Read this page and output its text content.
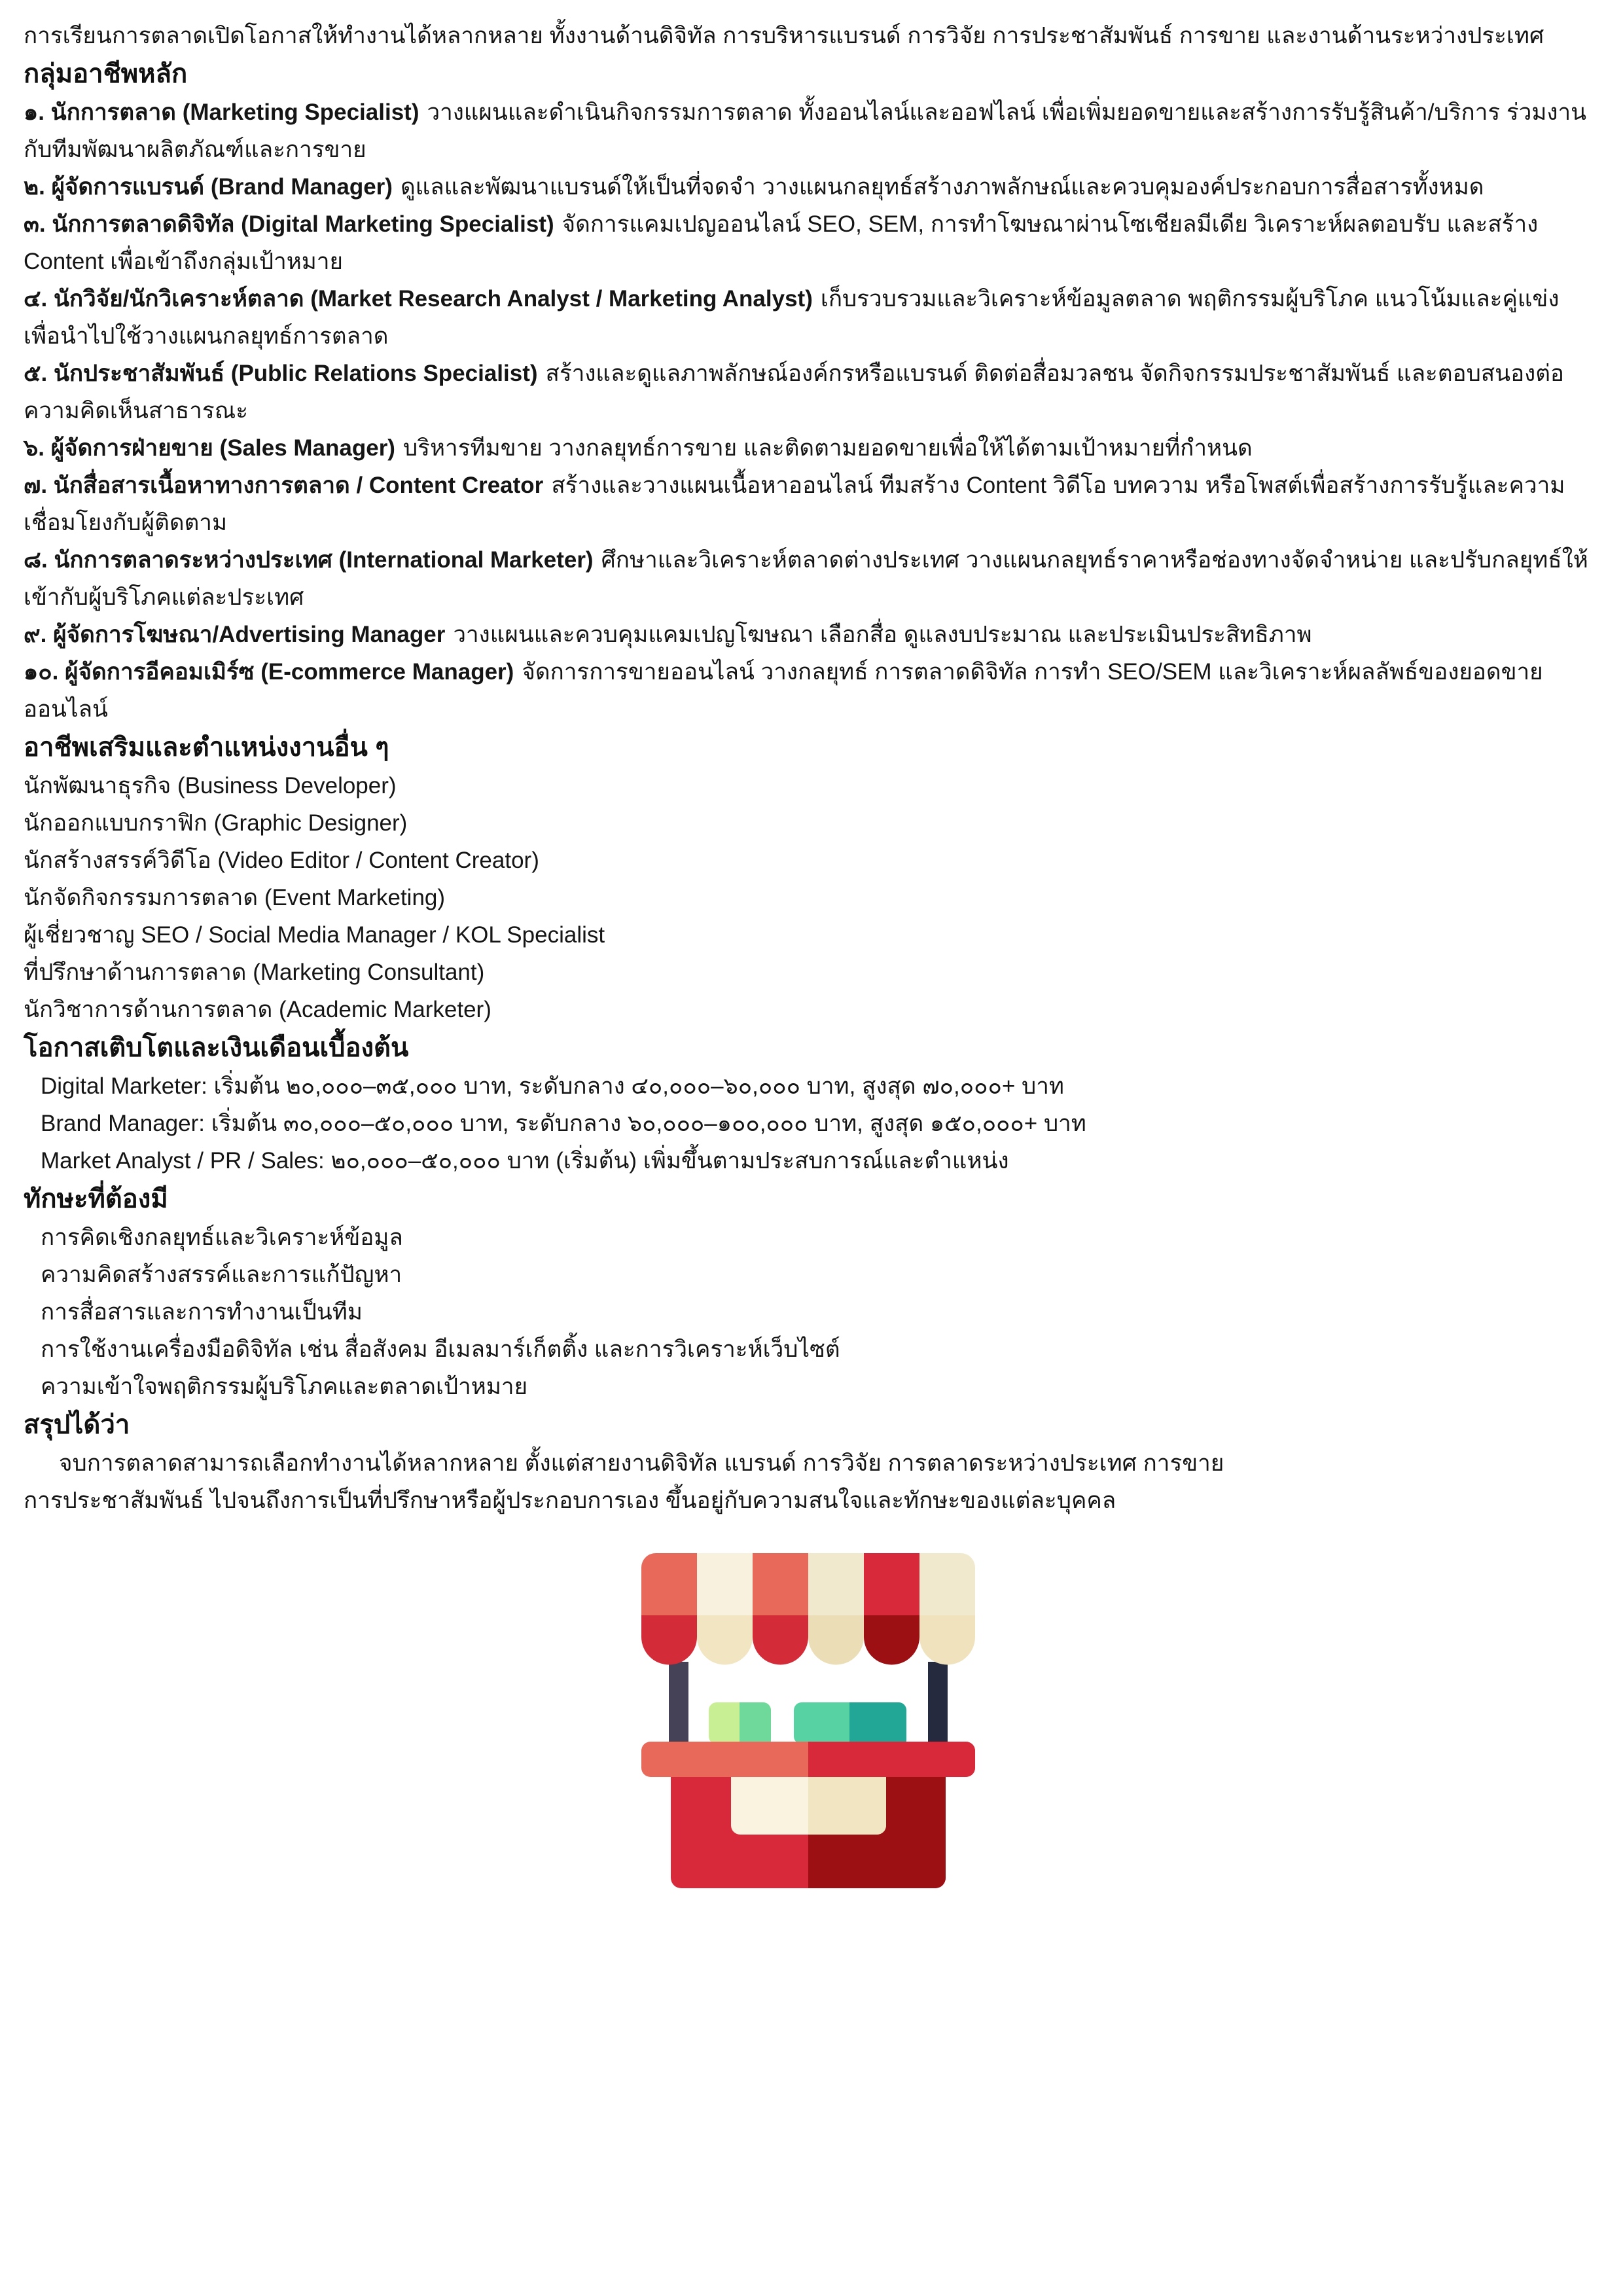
การเรียนการตลาดเปิดโอกาสให้ทำงานได้หลากหลาย ทั้งงานด้านดิจิทัล การบริหารแบรนด์ การวิจัย การประชาสัมพันธ์ การขาย และงานด้านระหว่างประเทศ

กลุ่มอาชีพหลัก

๑. นักการตลาด (Marketing Specialist) วางแผนและดำเนินกิจกรรมการตลาด ทั้งออนไลน์และออฟไลน์ เพื่อเพิ่มยอดขายและสร้างการรับรู้สินค้า/บริการ ร่วมงานกับทีมพัฒนาผลิตภัณฑ์และการขาย

๒. ผู้จัดการแบรนด์ (Brand Manager) ดูแลและพัฒนาแบรนด์ให้เป็นที่จดจำ วางแผนกลยุทธ์สร้างภาพลักษณ์และควบคุมองค์ประกอบการสื่อสารทั้งหมด

๓. นักการตลาดดิจิทัล (Digital Marketing Specialist) จัดการแคมเปญออนไลน์ SEO, SEM, การทำโฆษณาผ่านโซเชียลมีเดีย วิเคราะห์ผลตอบรับ และสร้าง Content เพื่อเข้าถึงกลุ่มเป้าหมาย

๔. นักวิจัย/นักวิเคราะห์ตลาด (Market Research Analyst / Marketing Analyst) เก็บรวบรวมและวิเคราะห์ข้อมูลตลาด พฤติกรรมผู้บริโภค แนวโน้มและคู่แข่ง เพื่อนำไปใช้วางแผนกลยุทธ์การตลาด

๕. นักประชาสัมพันธ์ (Public Relations Specialist) สร้างและดูแลภาพลักษณ์องค์กรหรือแบรนด์ ติดต่อสื่อมวลชน จัดกิจกรรมประชาสัมพันธ์ และตอบสนองต่อความคิดเห็นสาธารณะ

๖. ผู้จัดการฝ่ายขาย (Sales Manager) บริหารทีมขาย วางกลยุทธ์การขาย และติดตามยอดขายเพื่อให้ได้ตามเป้าหมายที่กำหนด

๗. นักสื่อสารเนื้อหาทางการตลาด / Content Creator สร้างและวางแผนเนื้อหาออนไลน์ ทีมสร้าง Content วิดีโอ บทความ หรือโพสต์เพื่อสร้างการรับรู้และความเชื่อมโยงกับผู้ติดตาม

๘. นักการตลาดระหว่างประเทศ (International Marketer) ศึกษาและวิเคราะห์ตลาดต่างประเทศ วางแผนกลยุทธ์ราคาหรือช่องทางจัดจำหน่าย และปรับกลยุทธ์ให้เข้ากับผู้บริโภคแต่ละประเทศ

๙. ผู้จัดการโฆษณา/Advertising Manager วางแผนและควบคุมแคมเปญโฆษณา เลือกสื่อ ดูแลงบประมาณ และประเมินประสิทธิภาพ

๑๐. ผู้จัดการอีคอมเมิร์ซ (E-commerce Manager) จัดการการขายออนไลน์ วางกลยุทธ์ การตลาดดิจิทัล การทำ SEO/SEM และวิเคราะห์ผลลัพธ์ของยอดขายออนไลน์

อาชีพเสริมและตำแหน่งงานอื่น ๆ

นักพัฒนาธุรกิจ (Business Developer)

นักออกแบบกราฟิก (Graphic Designer)

นักสร้างสรรค์วิดีโอ (Video Editor / Content Creator)

นักจัดกิจกรรมการตลาด (Event Marketing)

ผู้เชี่ยวชาญ SEO / Social Media Manager / KOL Specialist

ที่ปรึกษาด้านการตลาด (Marketing Consultant)

นักวิชาการด้านการตลาด (Academic Marketer)

โอกาสเติบโตและเงินเดือนเบื้องต้น

Digital Marketer: เริ่มต้น ๒๐,๐๐๐–๓๕,๐๐๐ บาท, ระดับกลาง ๔๐,๐๐๐–๖๐,๐๐๐ บาท, สูงสุด ๗๐,๐๐๐+ บาท

Brand Manager: เริ่มต้น ๓๐,๐๐๐–๕๐,๐๐๐ บาท, ระดับกลาง ๖๐,๐๐๐–๑๐๐,๐๐๐ บาท, สูงสุด ๑๕๐,๐๐๐+ บาท

Market Analyst / PR / Sales: ๒๐,๐๐๐–๕๐,๐๐๐ บาท (เริ่มต้น) เพิ่มขึ้นตามประสบการณ์และตำแหน่ง

ทักษะที่ต้องมี

การคิดเชิงกลยุทธ์และวิเคราะห์ข้อมูล

ความคิดสร้างสรรค์และการแก้ปัญหา

การสื่อสารและการทำงานเป็นทีม

การใช้งานเครื่องมือดิจิทัล เช่น สื่อสังคม อีเมลมาร์เก็ตติ้ง และการวิเคราะห์เว็บไซต์

ความเข้าใจพฤติกรรมผู้บริโภคและตลาดเป้าหมาย

สรุปได้ว่า

จบการตลาดสามารถเลือกทำงานได้หลากหลาย ตั้งแต่สายงานดิจิทัล แบรนด์ การวิจัย การตลาดระหว่างประเทศ การขาย

การประชาสัมพันธ์ ไปจนถึงการเป็นที่ปรึกษาหรือผู้ประกอบการเอง ขึ้นอยู่กับความสนใจและทักษะของแต่ละบุคคล
